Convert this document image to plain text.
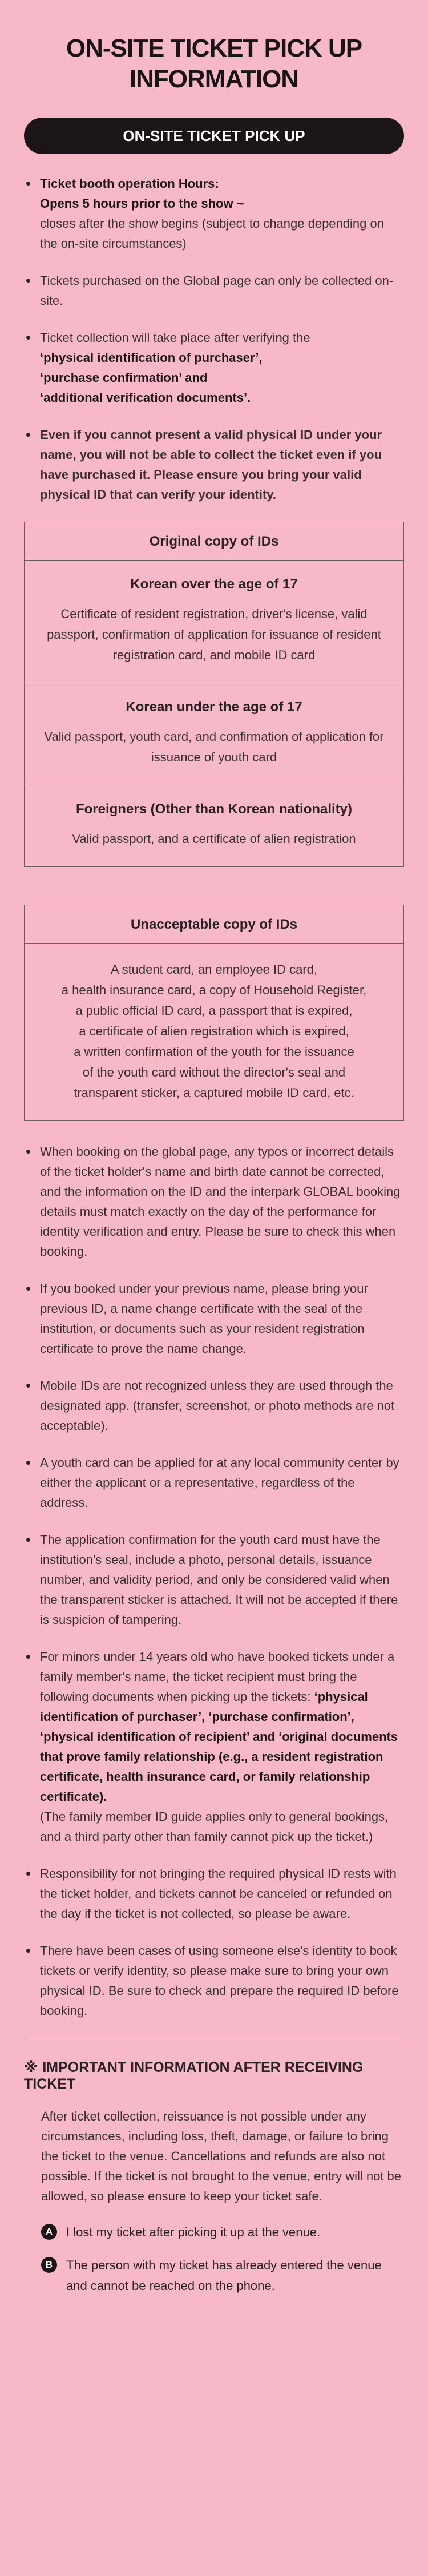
ON-SITE TICKET PICK UP
INFORMATION
ON-SITE TICKET PICK UP
Ticket booth operation Hours:
Opens 5 hours prior to the show ~
closes after the show begins (subject to change depending on the on-site circumstances)
Tickets purchased on the Global page can only be collected on-site.
Ticket collection will take place after verifying the
‘physical identification of purchaser’,
‘purchase confirmation’ and
‘additional verification documents’.
Even if you cannot present a valid physical ID under your name, you will not be able to collect the ticket even if you have purchased it. Please ensure you bring your valid physical ID that can verify your identity.
Original copy of IDs
Korean over the age of 17

Certificate of resident registration, driver's license, valid passport, confirmation of application for issuance of resident registration card, and mobile ID card

Korean under the age of 17

Valid passport, youth card, and confirmation of application for issuance of youth card

Foreigners (Other than Korean nationality)

Valid passport, and a certificate of alien registration

Unacceptable copy of IDs

A student card, an employee ID card,
a health insurance card, a copy of Household Register,
a public official ID card, a passport that is expired,
a certificate of alien registration which is expired,
a written confirmation of the youth for the issuance
of the youth card without the director's seal and
transparent sticker, a captured mobile ID card, etc.

When booking on the global page, any typos or incorrect details of the ticket holder's name and birth date cannot be corrected, and the information on the ID and the interpark GLOBAL booking details must match exactly on the day of the performance for identity verification and entry. Please be sure to check this when booking.
If you booked under your previous name, please bring your previous ID, a name change certificate with the seal of the institution, or documents such as your resident registration certificate to prove the name change.
Mobile IDs are not recognized unless they are used through the designated app. (transfer, screenshot, or photo methods are not acceptable).
A youth card can be applied for at any local community center by either the applicant or a representative, regardless of the address.
The application confirmation for the youth card must have the institution's seal, include a photo, personal details, issuance number, and validity period, and only be considered valid when the transparent sticker is attached. It will not be accepted if there is suspicion of tampering.
For minors under 14 years old who have booked tickets under a family member's name, the ticket recipient must bring the following documents when picking up the tickets: ‘physical identification of purchaser’, ‘purchase confirmation’, ‘physical identification of recipient’ and ‘original documents that prove family relationship (e.g., a resident registration certificate, health insurance card, or family relationship certificate).
(The family member ID guide applies only to general bookings, and a third party other than family cannot pick up the ticket.)
Responsibility for not bringing the required physical ID rests with the ticket holder, and tickets cannot be canceled or refunded on the day if the ticket is not collected, so please be aware.
There have been cases of using someone else's identity to book tickets or verify identity, so please make sure to bring your own physical ID. Be sure to check and prepare the required ID before booking.
※ IMPORTANT INFORMATION AFTER RECEIVING TICKET

After ticket collection, reissuance is not possible under any circumstances, including loss, theft, damage, or failure to bring the ticket to the venue. Cancellations and refunds are also not possible. If the ticket is not brought to the venue, entry will not be allowed, so please ensure to keep your ticket safe.

A	I lost my ticket after picking it up at the venue.
B	The person with my ticket has already entered the venue and cannot be reached on the phone.
